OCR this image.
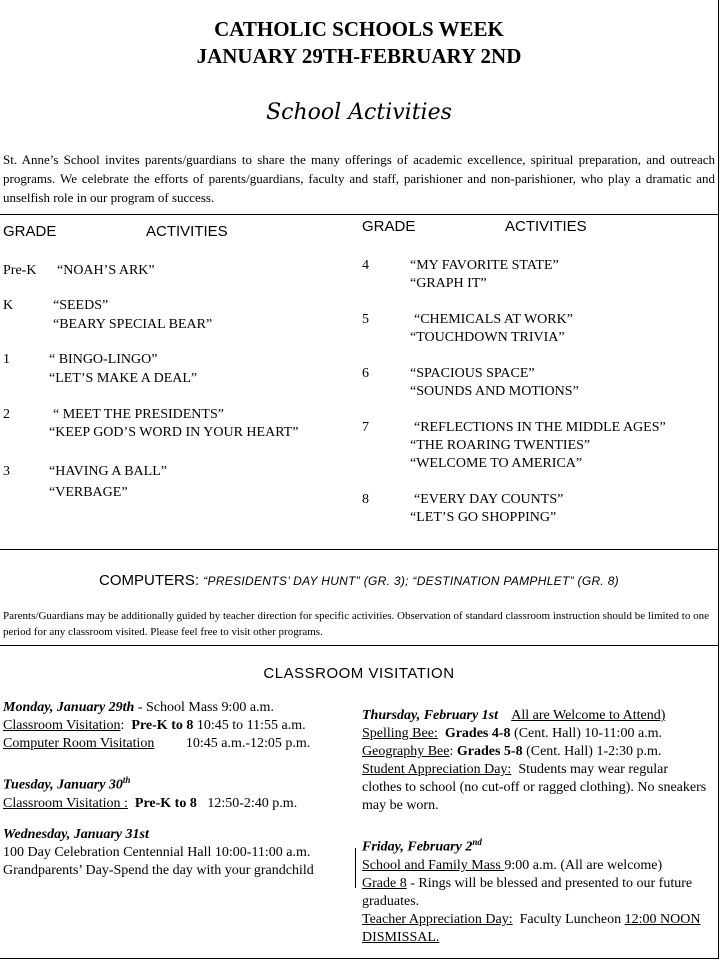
CATHOLIC SCHOOLS WEEK
JANUARY 29TH-FEBRUARY 2ND
School Activities
St. Anne’s School invites parents/guardians to share the many offerings of academic excellence, spiritual preparation, and outreach programs. We celebrate the efforts of parents/guardians, faculty and staff, parishioner and non-parishioner, who play a dramatic and unselfish role in our program of success.
GRADE	ACTIVITIES	GRADE	ACTIVITIES
Pre-K “NOAH’S ARK”
K	“SEEDS”
“BEARY SPECIAL BEAR”
1	“ BINGO-LINGO”
“LET’S MAKE A DEAL”
2	“ MEET THE PRESIDENTS”
“KEEP GOD’S WORD IN YOUR HEART”
3	“HAVING A BALL”
“VERBAGE”
4	“MY FAVORITE STATE”
“GRAPH IT”
5	“CHEMICALS AT WORK”
“TOUCHDOWN TRIVIA”
6	“SPACIOUS SPACE”
“SOUNDS AND MOTIONS”
7	“REFLECTIONS IN THE MIDDLE AGES”
“THE ROARING TWENTIES”
“WELCOME TO AMERICA”
8	“EVERY DAY COUNTS”
“LET’S GO SHOPPING”
COMPUTERS: “PRESIDENTS’ DAY HUNT” (GR. 3); “DESTINATION PAMPHLET” (GR. 8)
Parents/Guardians may be additionally guided by teacher direction for specific activities. Observation of standard classroom instruction should be limited to one period for any classroom visited. Please feel free to visit other programs.
CLASSROOM VISITATION
Monday, January 29th - School Mass 9:00 a.m.
Classroom Visitation:  Pre-K to 8 10:45 to 11:55 a.m.
Computer Room Visitation 10:45 a.m.-12:05 p.m.
Tuesday, January 30th
Classroom Visitation : Pre-K to 8 12:50-2:40 p.m.
Wednesday, January 31st
100 Day Celebration Centennial Hall 10:00-11:00 a.m.
Grandparents’ Day-Spend the day with your grandchild
Thursday, February 1st All are Welcome to Attend)
Spelling Bee: Grades 4-8 (Cent. Hall) 10-11:00 a.m.
Geography Bee: Grades 5-8 (Cent. Hall) 1-2:30 p.m.
Student Appreciation Day: Students may wear regular clothes to school (no cut-off or ragged clothing). No sneakers may be worn.
Friday, February 2nd
School and Family Mass 9:00 a.m. (All are welcome)
Grade 8 - Rings will be blessed and presented to our future graduates.
Teacher Appreciation Day: Faculty Luncheon 12:00 NOON DISMISSAL.
